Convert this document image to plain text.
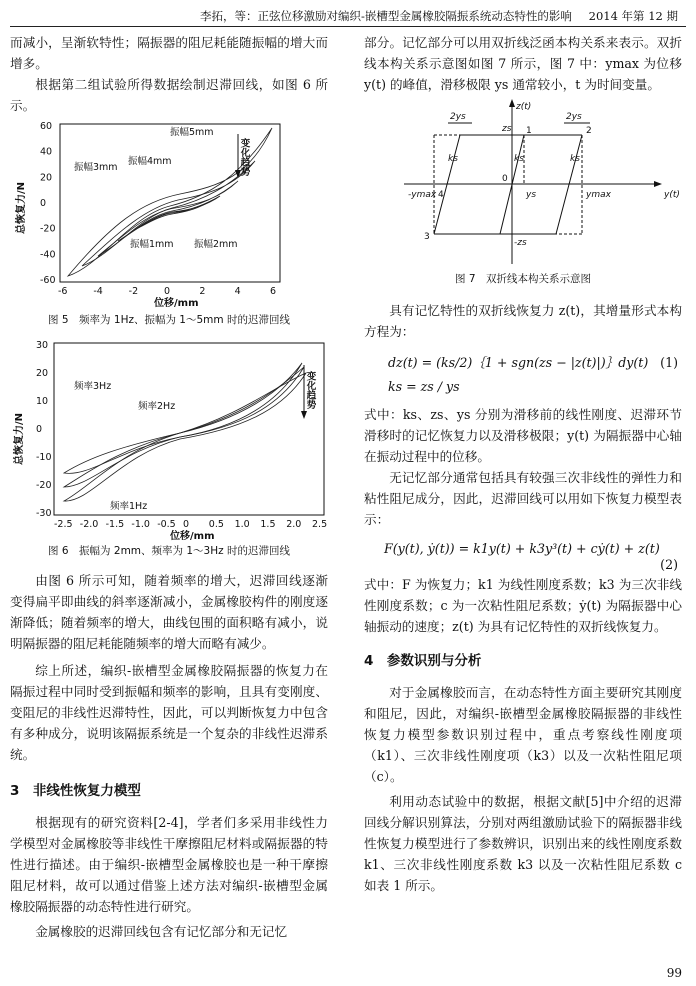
李拓，等：正弦位移激励对编织-嵌槽型金属橡胶隔振系统动态特性的影响 2014 年第 12 期

而减小，呈渐软特性；隔振器的阻尼耗能随振幅的增大而增多。

根据第二组试验所得数据绘制迟滞回线，如图 6 所示。

总恢复力/N
位移/mm
60
40
20
0
-20
-40
-60
-6	-4	-2	0	2	4	6
振幅5mm
振幅4mm
振幅3mm
振幅1mm 振幅2mm
变化趋势
图 5　频率为 1Hz、振幅为 1～5mm 时的迟滞回线
总恢复力/N
位移/mm
30
20
10
0
-10
-20
-30
-2.5 -2.0 -1.5 -1.0 -0.5 0 0.5 1.0 1.5 2.0 2.5
频率3Hz
频率2Hz
频率1Hz
变化趋势
图 6　振幅为 2mm、频率为 1～3Hz 时的迟滞回线

由图 6 所示可知，随着频率的增大，迟滞回线逐渐变得扁平即曲线的斜率逐渐减小，金属橡胶构件的刚度逐渐降低；随着频率的增大，曲线包围的面积略有减小，说明隔振器的阻尼耗能随频率的增大而略有减少。

综上所述，编织-嵌槽型金属橡胶隔振器的恢复力在隔振过程中同时受到振幅和频率的影响，且具有变刚度、变阻尼的非线性迟滞特性，因此，可以判断恢复力中包含有多种成分，说明该隔振系统是一个复杂的非线性迟滞系统。

3　非线性恢复力模型

根据现有的研究资料[2-4]，学者们多采用非线性力学模型对金属橡胶等非线性干摩擦阻尼材料或隔振器的特性进行描述。由于编织-嵌槽型金属橡胶也是一种干摩擦阻尼材料，故可以通过借鉴上述方法对编织-嵌槽型金属橡胶隔振器的动态特性进行研究。

金属橡胶的迟滞回线包含有记忆部分和无记忆

部分。记忆部分可以用双折线泛函本构关系来表示。双折线本构关系示意图如图 7 所示，图 7 中：ymax 为位移 y(t) 的峰值，滑移极限 ys 通常较小，t 为时间变量。

z(t)
y(t)
0
2ys	2ys
zs
-zs
-ymax	ymax
ys
ks	ks	ks
1	2
3
4
图 7　双折线本构关系示意图

具有记忆特性的双折线恢复力 z(t)，其增量形式本构方程为：

dz(t) = (ks/2)｛1 + sgn(zs − |z(t)|)｝dy(t) (1)
ks = zs / ys

式中：ks、zs、ys 分别为滑移前的线性刚度、迟滞环节滑移时的记忆恢复力以及滑移极限；y(t) 为隔振器中心轴在振动过程中的位移。

无记忆部分通常包括具有较强三次非线性的弹性力和粘性阻尼成分，因此，迟滞回线可以用如下恢复力模型表示：

F(y(t), ẏ(t)) = k1y(t) + k3y³(t) + cẏ(t) + z(t)
(2)

式中：F 为恢复力；k1 为线性刚度系数；k3 为三次非线性刚度系数；c 为一次粘性阻尼系数；ẏ(t) 为隔振器中心轴振动的速度；z(t) 为具有记忆特性的双折线恢复力。

4　参数识别与分析

对于金属橡胶而言，在动态特性方面主要研究其刚度和阻尼，因此，对编织-嵌槽型金属橡胶隔振器的非线性恢复力模型参数识别过程中，重点考察线性刚度项（k1）、三次非线性刚度项（k3）以及一次粘性阻尼项（c）。

利用动态试验中的数据，根据文献[5]中介绍的迟滞回线分解识别算法，分别对两组激励试验下的隔振器非线性恢复力模型进行了参数辨识，识别出来的线性刚度系数 k1、三次非线性刚度系数 k3 以及一次粘性阻尼系数 c 如表 1 所示。

99
